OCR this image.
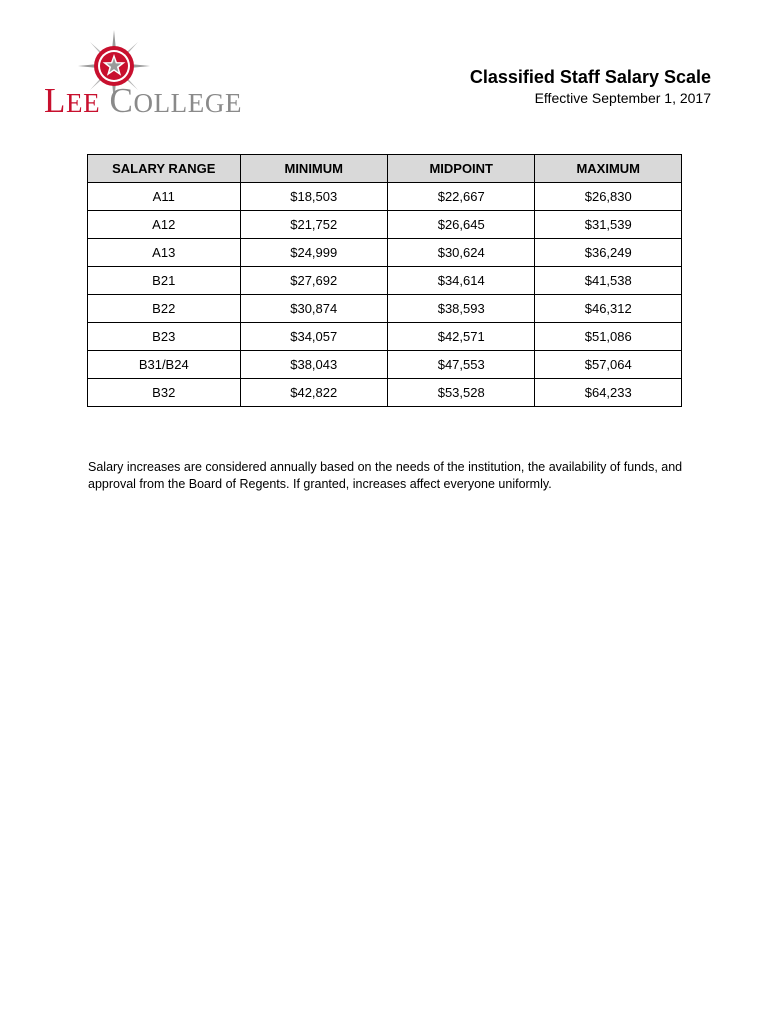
LEE COLLEGE
Classified Staff Salary Scale
Effective September 1, 2017
SALARY RANGE	MINIMUM	MIDPOINT	MAXIMUM
A11	$18,503	$22,667	$26,830
A12	$21,752	$26,645	$31,539
A13	$24,999	$30,624	$36,249
B21	$27,692	$34,614	$41,538
B22	$30,874	$38,593	$46,312
B23	$34,057	$42,571	$51,086
B31/B24	$38,043	$47,553	$57,064
B32	$42,822	$53,528	$64,233

Salary increases are considered annually based on the needs of the institution, the availability of funds, and approval from the Board of Regents. If granted, increases affect everyone uniformly.
